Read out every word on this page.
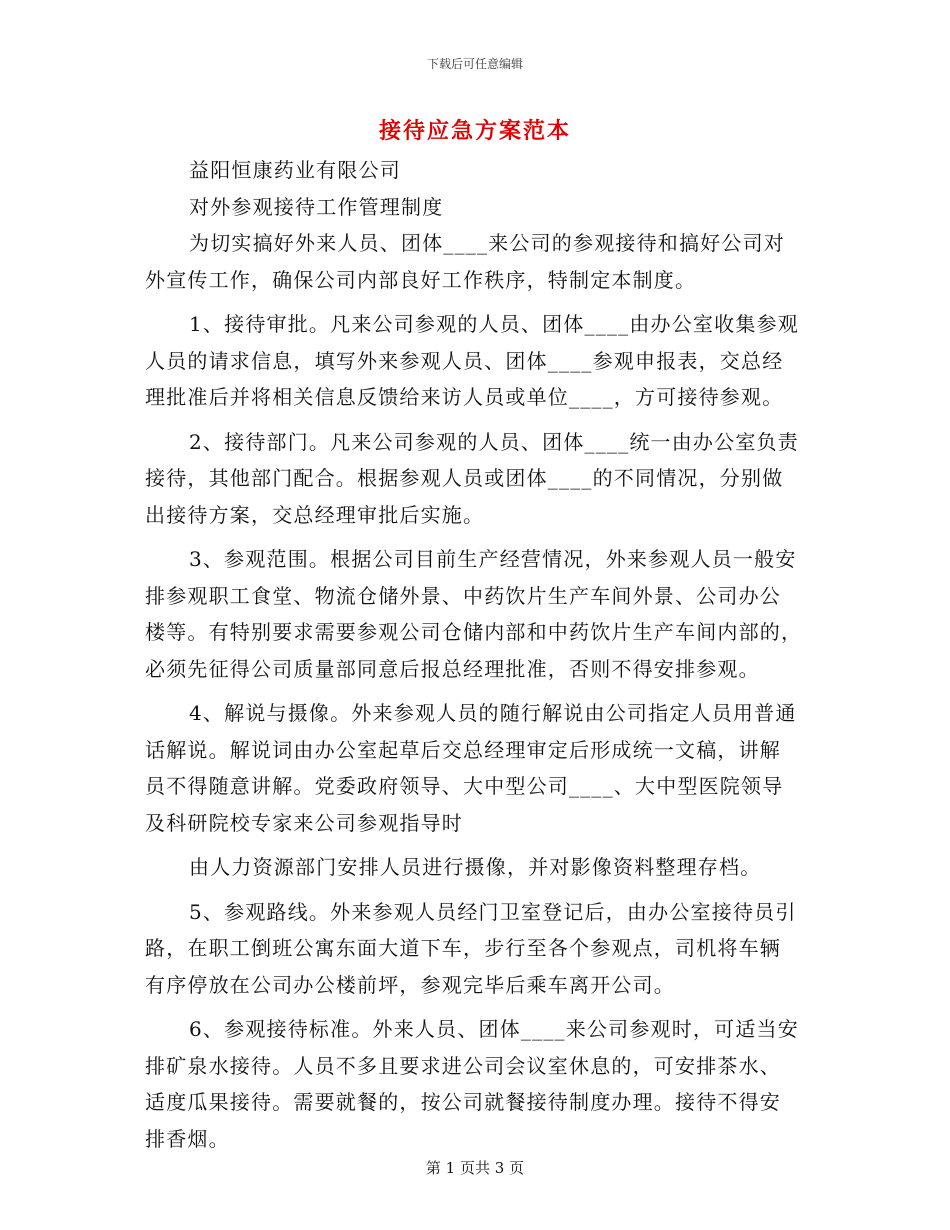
下载后可任意编辑
接待应急方案范本
益阳恒康药业有限公司
对外参观接待工作管理制度
为切实搞好外来人员、团体____来公司的参观接待和搞好公司对
外宣传工作，确保公司内部良好工作秩序，特制定本制度。
1、接待审批。凡来公司参观的人员、团体____由办公室收集参观
人员的请求信息，填写外来参观人员、团体____参观申报表，交总经
理批准后并将相关信息反馈给来访人员或单位____，方可接待参观。
2、接待部门。凡来公司参观的人员、团体____统一由办公室负责
接待，其他部门配合。根据参观人员或团体____的不同情况，分别做
出接待方案，交总经理审批后实施。
3、参观范围。根据公司目前生产经营情况，外来参观人员一般安
排参观职工食堂、物流仓储外景、中药饮片生产车间外景、公司办公
楼等。有特别要求需要参观公司仓储内部和中药饮片生产车间内部的，
必须先征得公司质量部同意后报总经理批准，否则不得安排参观。
4、解说与摄像。外来参观人员的随行解说由公司指定人员用普通
话解说。解说词由办公室起草后交总经理审定后形成统一文稿，讲解
员不得随意讲解。党委政府领导、大中型公司____、大中型医院领导
及科研院校专家来公司参观指导时
由人力资源部门安排人员进行摄像，并对影像资料整理存档。
5、参观路线。外来参观人员经门卫室登记后，由办公室接待员引
路，在职工倒班公寓东面大道下车，步行至各个参观点，司机将车辆
有序停放在公司办公楼前坪，参观完毕后乘车离开公司。
6、参观接待标准。外来人员、团体____来公司参观时，可适当安
排矿泉水接待。人员不多且要求进公司会议室休息的，可安排茶水、
适度瓜果接待。需要就餐的，按公司就餐接待制度办理。接待不得安
排香烟。
第 1 页共 3 页
